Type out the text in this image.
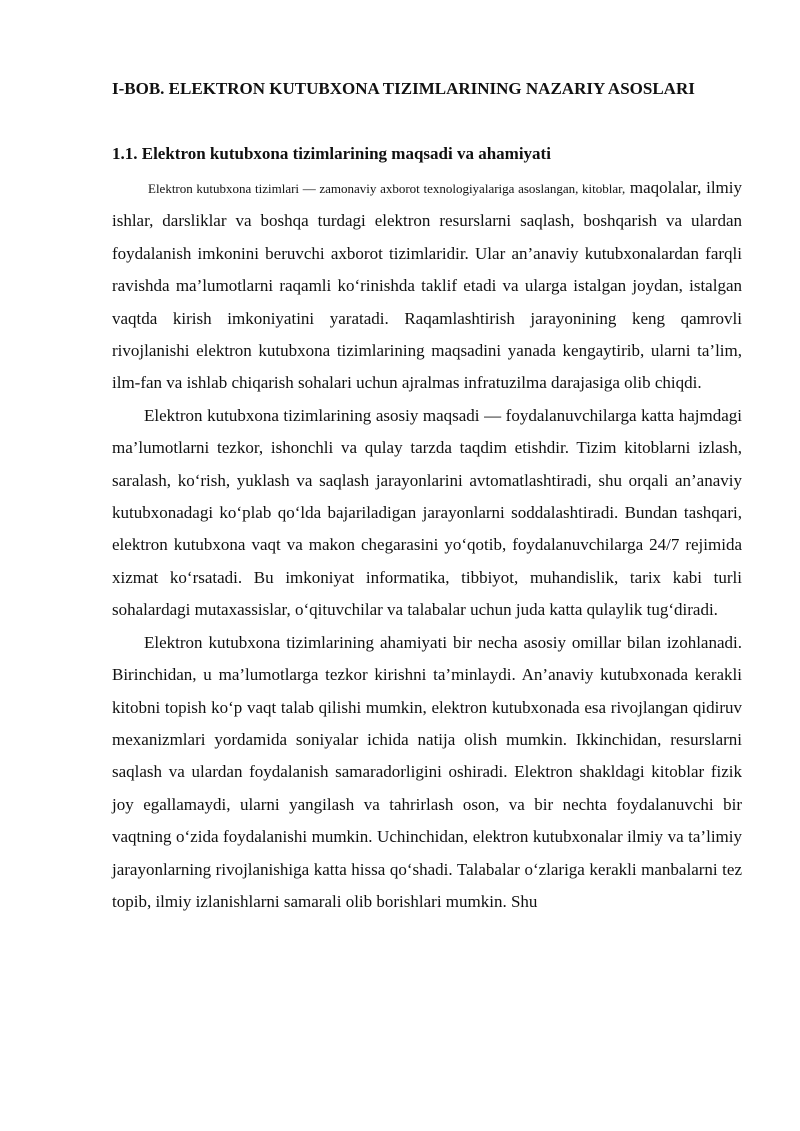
I-BOB. ELEKTRON KUTUBXONA TIZIMLARINING NAZARIY ASOSLARI
1.1. Elektron kutubxona tizimlarining maqsadi va ahamiyati

Elektron kutubxona tizimlari — zamonaviy axborot texnologiyalariga asoslangan, kitoblar, maqolalar, ilmiy ishlar, darsliklar va boshqa turdagi elektron resurslarni saqlash, boshqarish va ulardan foydalanish imkonini beruvchi axborot tizimlaridir. Ular an’anaviy kutubxonalardan farqli ravishda ma’lumotlarni raqamli ko‘rinishda taklif etadi va ularga istalgan joydan, istalgan vaqtda kirish imkoniyatini yaratadi. Raqamlashtirish jarayonining keng qamrovli rivojlanishi elektron kutubxona tizimlarining maqsadini yanada kengaytirib, ularni ta’lim, ilm-fan va ishlab chiqarish sohalari uchun ajralmas infratuzilma darajasiga olib chiqdi.

Elektron kutubxona tizimlarining asosiy maqsadi — foydalanuvchilarga katta hajmdagi ma’lumotlarni tezkor, ishonchli va qulay tarzda taqdim etishdir. Tizim kitoblarni izlash, saralash, ko‘rish, yuklash va saqlash jarayonlarini avtomatlashtiradi, shu orqali an’anaviy kutubxonadagi ko‘plab qo‘lda bajariladigan jarayonlarni soddalashtiradi. Bundan tashqari, elektron kutubxona vaqt va makon chegarasini yo‘qotib, foydalanuvchilarga 24/7 rejimida xizmat ko‘rsatadi. Bu imkoniyat informatika, tibbiyot, muhandislik, tarix kabi turli sohalardagi mutaxassislar, o‘qituvchilar va talabalar uchun juda katta qulaylik tug‘diradi.

Elektron kutubxona tizimlarining ahamiyati bir necha asosiy omillar bilan izohlanadi. Birinchidan, u ma’lumotlarga tezkor kirishni ta’minlaydi. An’anaviy kutubxonada kerakli kitobni topish ko‘p vaqt talab qilishi mumkin, elektron kutubxonada esa rivojlangan qidiruv mexanizmlari yordamida soniyalar ichida natija olish mumkin. Ikkinchidan, resurslarni saqlash va ulardan foydalanish samaradorligini oshiradi. Elektron shakldagi kitoblar fizik joy egallamaydi, ularni yangilash va tahrirlash oson, va bir nechta foydalanuvchi bir vaqtning o‘zida foydalanishi mumkin. Uchinchidan, elektron kutubxonalar ilmiy va ta’limiy jarayonlarning rivojlanishiga katta hissa qo‘shadi. Talabalar o‘zlariga kerakli manbalarni tez topib, ilmiy izlanishlarni samarali olib borishlari mumkin. Shu
